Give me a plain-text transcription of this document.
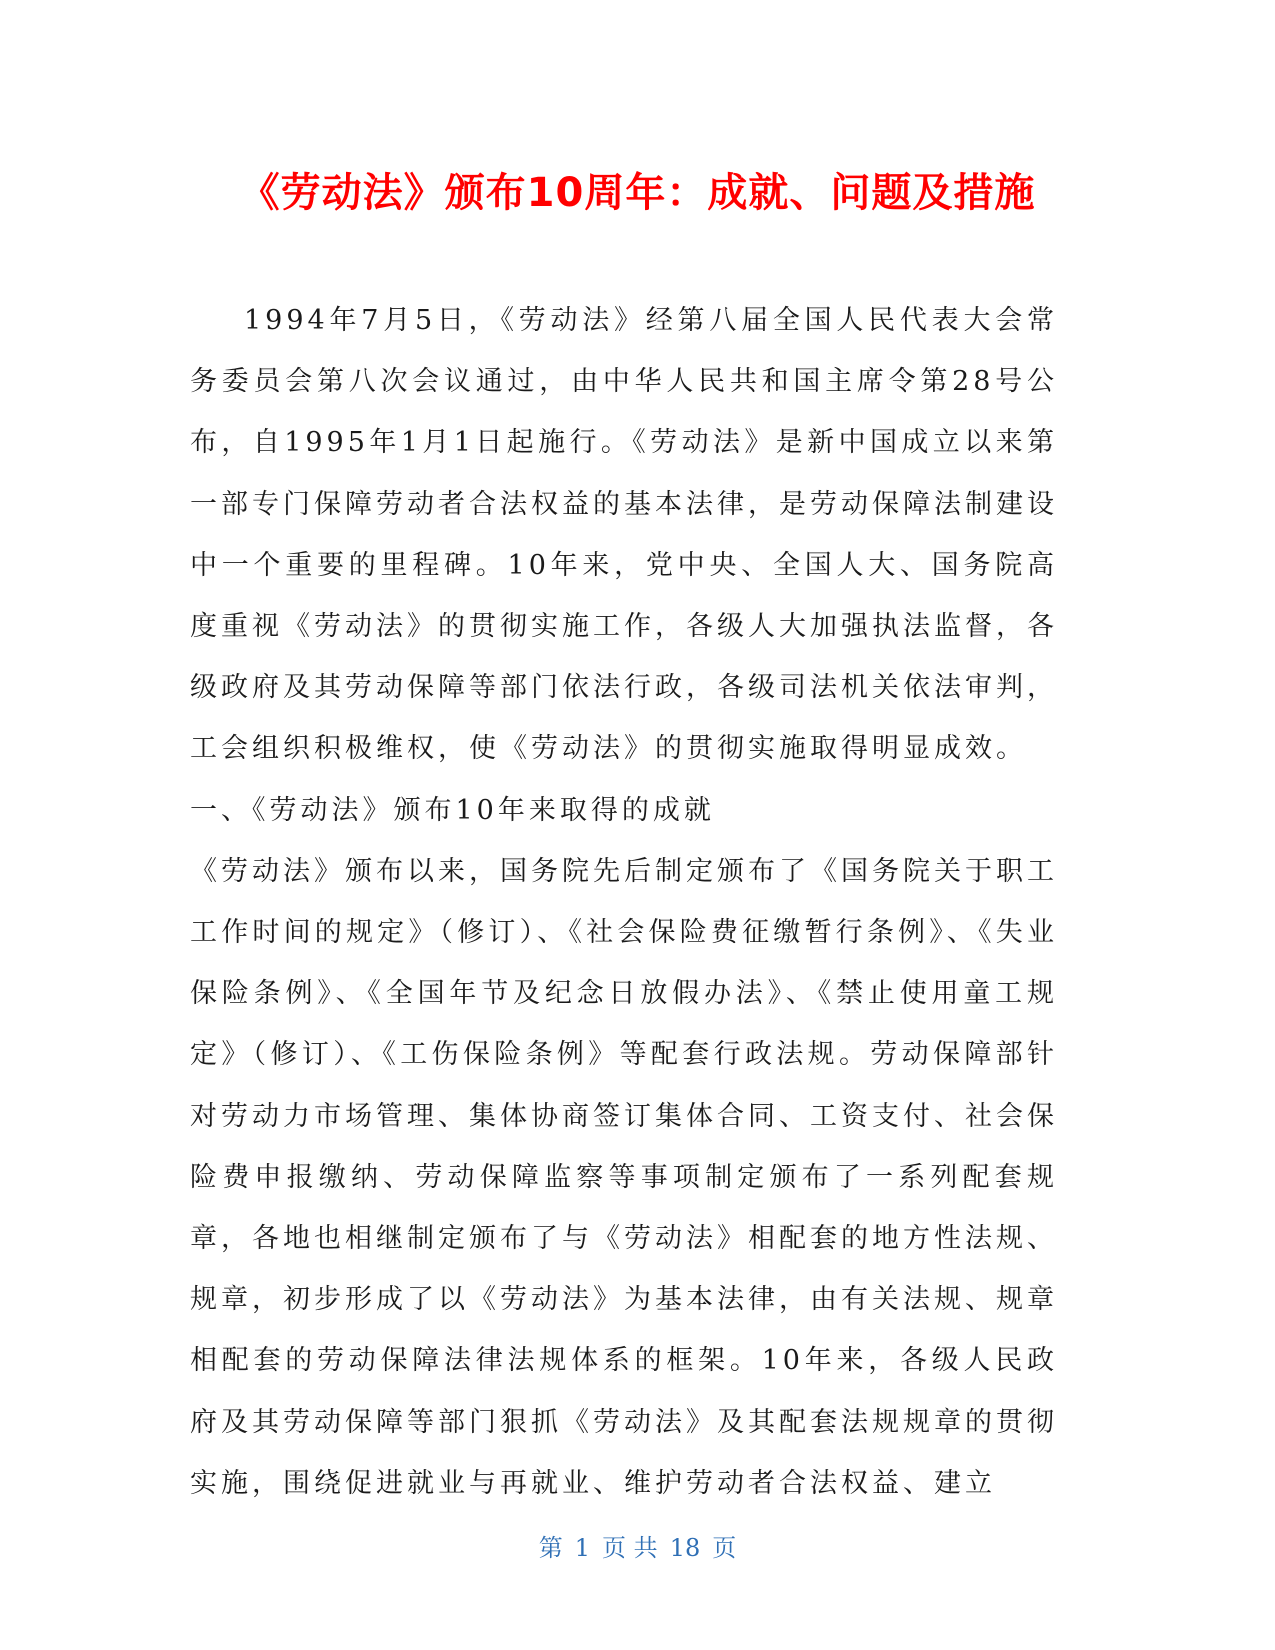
《劳动法》颁布10周年：成就、问题及措施

1994年7月5日，《劳动法》经第八届全国人民代表大会常务委员会第八次会议通过，由中华人民共和国主席令第28号公布，自1995年1月1日起施行。《劳动法》是新中国成立以来第一部专门保障劳动者合法权益的基本法律，是劳动保障法制建设中一个重要的里程碑。10年来，党中央、全国人大、国务院高度重视《劳动法》的贯彻实施工作，各级人大加强执法监督，各级政府及其劳动保障等部门依法行政，各级司法机关依法审判，工会组织积极维权，使《劳动法》的贯彻实施取得明显成效。

一、《劳动法》颁布10年来取得的成就

《劳动法》颁布以来，国务院先后制定颁布了《国务院关于职工工作时间的规定》（修订）、《社会保险费征缴暂行条例》、《失业保险条例》、《全国年节及纪念日放假办法》、《禁止使用童工规定》（修订）、《工伤保险条例》等配套行政法规。劳动保障部针对劳动力市场管理、集体协商签订集体合同、工资支付、社会保险费申报缴纳、劳动保障监察等事项制定颁布了一系列配套规章，各地也相继制定颁布了与《劳动法》相配套的地方性法规、规章，初步形成了以《劳动法》为基本法律，由有关法规、规章相配套的劳动保障法律法规体系的框架。10年来，各级人民政府及其劳动保障等部门狠抓《劳动法》及其配套法规规章的贯彻实施，围绕促进就业与再就业、维护劳动者合法权益、建立

第 1 页 共 18 页
